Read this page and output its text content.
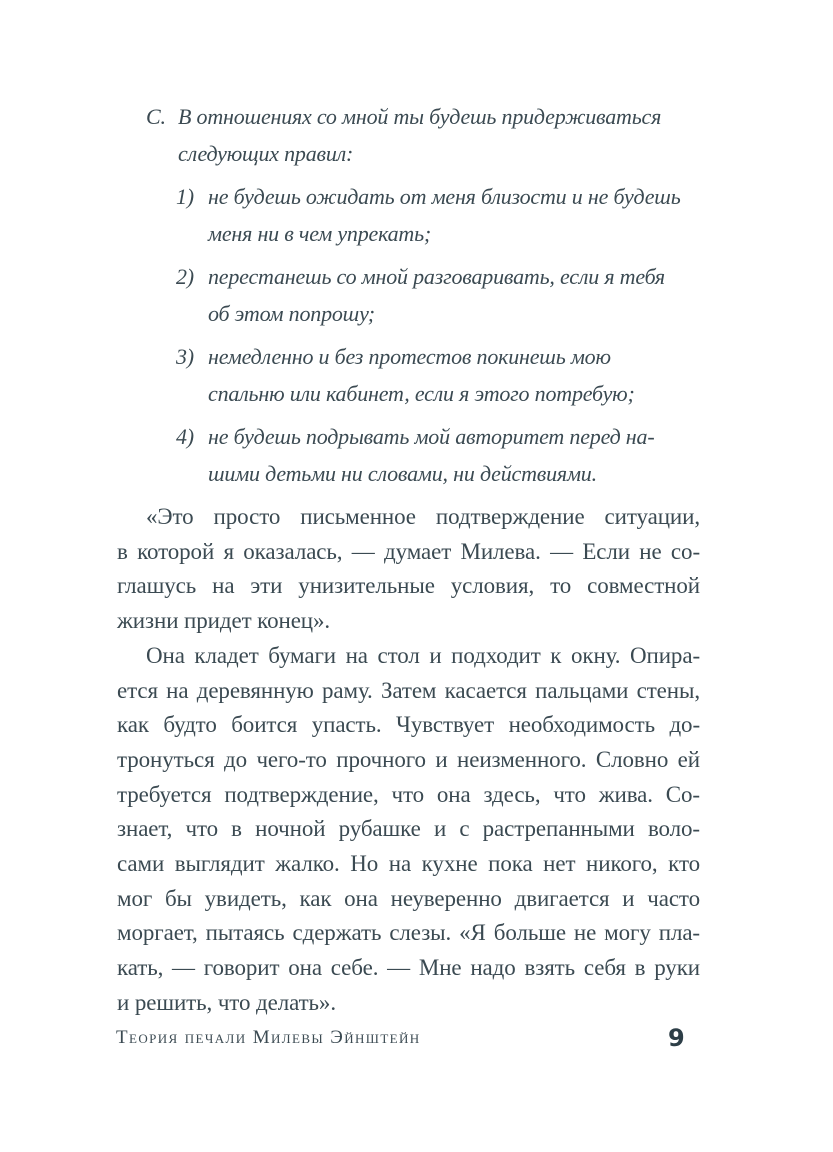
С. В отношениях со мной ты будешь придерживаться
следующих правил:
1) не будешь ожидать от меня близости и не будешь
меня ни в чем упрекать;
2) перестанешь со мной разговаривать, если я тебя
об этом попрошу;
3) немедленно и без протестов покинешь мою
спальню или кабинет, если я этого потребую;
4) не будешь подрывать мой авторитет перед на-
шими детьми ни словами, ни действиями.

«Это просто письменное подтверждение ситуации,
в которой я оказалась, — думает Милева. — Если не со-
глашусь на эти унизительные условия, то совместной
жизни придет конец».

Она кладет бумаги на стол и подходит к окну. Опира-
ется на деревянную раму. Затем касается пальцами стены,
как будто боится упасть. Чувствует необходимость до-
тронуться до чего-то прочного и неизменного. Словно ей
требуется подтверждение, что она здесь, что жива. Со-
знает, что в ночной рубашке и с растрепанными воло-
сами выглядит жалко. Но на кухне пока нет никого, кто
мог бы увидеть, как она неуверенно двигается и часто
моргает, пытаясь сдержать слезы. «Я больше не могу пла-
кать, — говорит она себе. — Мне надо взять себя в руки
и решить, что делать».

Теория печали Милевы Эйнштейн	9
